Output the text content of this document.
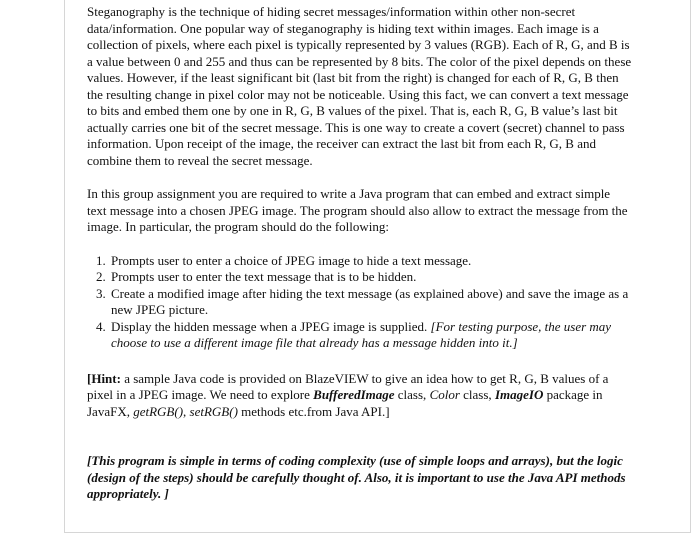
Steganography is the technique of hiding secret messages/information within other non-secret data/information. One popular way of steganography is hiding text within images. Each image is a collection of pixels, where each pixel is typically represented by 3 values (RGB). Each of R, G, and B is a value between 0 and 255 and thus can be represented by 8 bits. The color of the pixel depends on these values. However, if the least significant bit (last bit from the right) is changed for each of R, G, B then the resulting change in pixel color may not be noticeable. Using this fact, we can convert a text message to bits and embed them one by one in R, G, B values of the pixel. That is, each R, G, B value’s last bit actually carries one bit of the secret message. This is one way to create a covert (secret) channel to pass information. Upon receipt of the image, the receiver can extract the last bit from each R, G, B and combine them to reveal the secret message.

In this group assignment you are required to write a Java program that can embed and extract simple text message into a chosen JPEG image. The program should also allow to extract the message from the image. In particular, the program should do the following:

1. Prompts user to enter a choice of JPEG image to hide a text message.
2. Prompts user to enter the text message that is to be hidden.
3. Create a modified image after hiding the text message (as explained above) and save the image as a new JPEG picture.
4. Display the hidden message when a JPEG image is supplied. [For testing purpose, the user may choose to use a different image file that already has a message hidden into it.]

[Hint: a sample Java code is provided on BlazeVIEW to give an idea how to get R, G, B values of a pixel in a JPEG image. We need to explore BufferedImage class, Color class, ImageIO package in JavaFX, getRGB(), setRGB() methods etc.from Java API.]

[This program is simple in terms of coding complexity (use of simple loops and arrays), but the logic (design of the steps) should be carefully thought of. Also, it is important to use the Java API methods appropriately. ]
